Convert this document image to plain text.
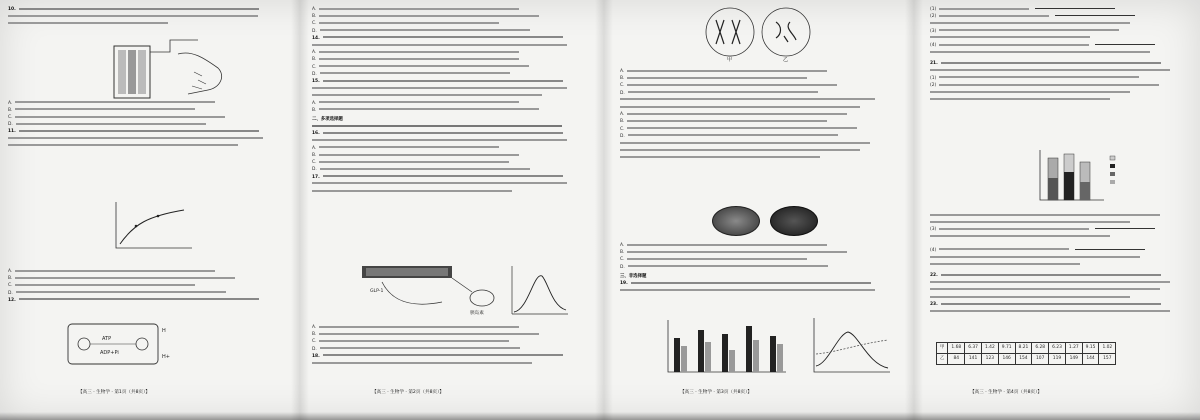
10.
A.
B.
C.
D.
11.
A.
B.
C.
D.
12.
ATP
ADP+Pi
H
H+
【高三 · 生物学 · 第1页（共8页）】
A.
B.
C.
D.
14.
A.
B.
C.
D.
15.
A.
B.
二、多项选择题
16.
A.
B.
C.
D.
17.
GLP-1
胰岛素
A.
B.
C.
D.
18.
【高三 · 生物学 · 第2页（共8页）】
甲	乙
A.
B.
C.
D.
A.
B.
C.
D.
A.
B.
C.
D.
三、非选择题
19.
【高三 · 生物学 · 第3页（共8页）】
(1)
(2)
(3)
(4)
21.
(1)
(2)
(3)
(4)
22.
23.
甲	1.68	6.37	1.42	9.71	8.21	6.28	6.23	1.27	9.15	1.02
乙	84	141	123	146	154	107	119	149	144	157
【高三 · 生物学 · 第4页（共8页）】
